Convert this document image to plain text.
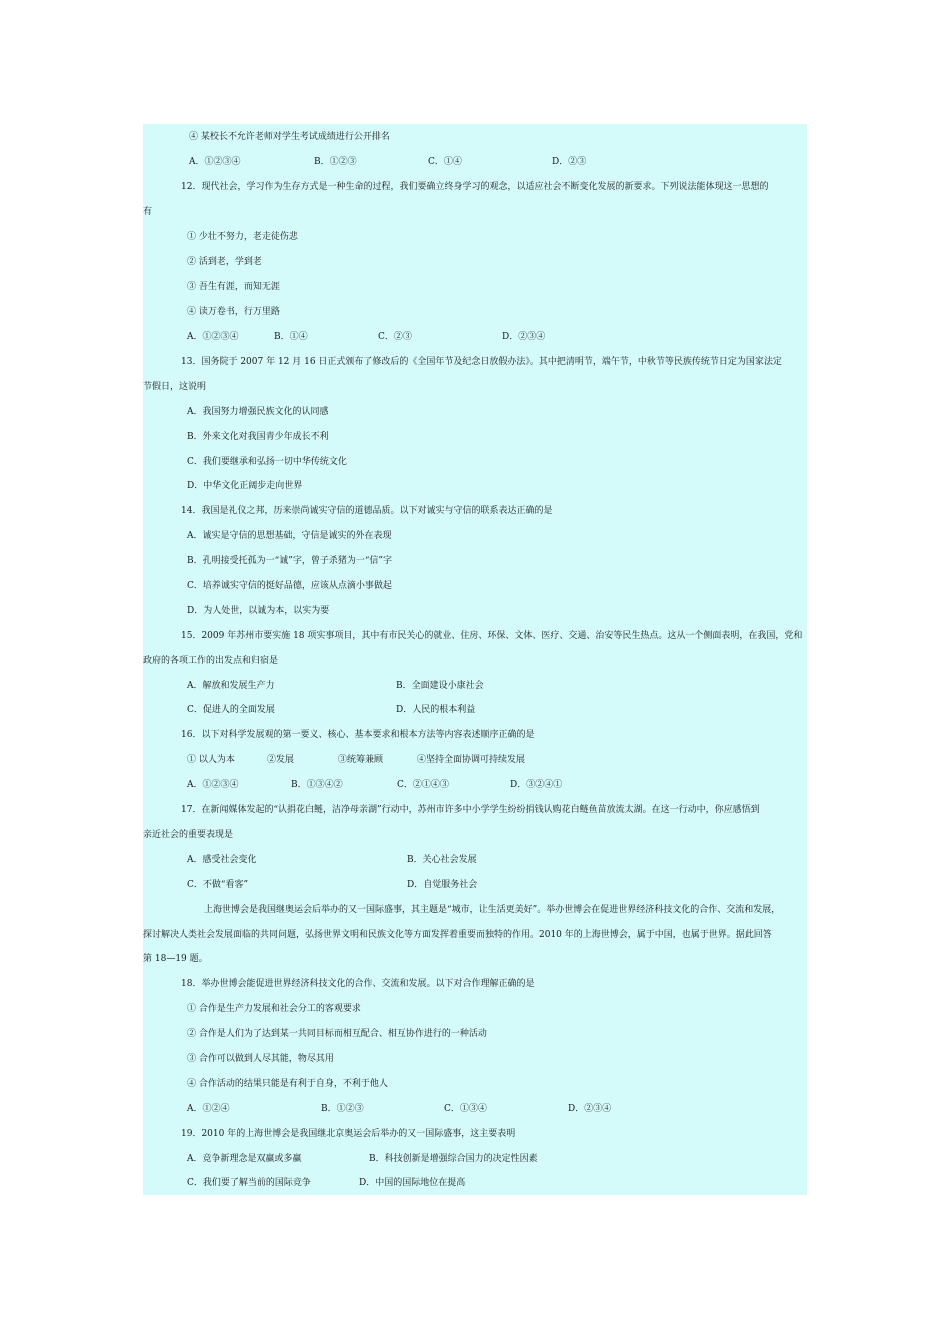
④ 某校长不允许老师对学生考试成绩进行公开排名
A．①②③④	B．①②③	C．①④	D．②③
12．现代社会，学习作为生存方式是一种生命的过程，我们要确立终身学习的观念，以适应社会不断变化发展的新要求。下列说法能体现这一思想的
有
① 少壮不努力，老走徒伤悲
② 活到老，学到老
③ 吾生有涯，而知无涯
④ 读万卷书，行万里路
A．①②③④	B．①④	C．②③	D．②③④
13．国务院于 2007 年 12 月 16 日正式颁布了修改后的《全国年节及纪念日放假办法》。其中把清明节，端午节，中秋节等民族传统节日定为国家法定
节假日，这说明
A．我国努力增强民族文化的认同感
B．外来文化对我国青少年成长不利
C．我们要继承和弘扬一切中华传统文化
D．中华文化正阔步走向世界
14．我国是礼仪之邦，历来崇尚诚实守信的道德品质。以下对诚实与守信的联系表达正确的是
A．诚实是守信的思想基础，守信是诚实的外在表现
B．孔明接受托孤为一“诚”字，曾子杀猪为一“信”字
C．培养诚实守信的挺好品德，应该从点滴小事做起
D．为人处世，以诚为本，以实为要
15．2009 年苏州市要实施 18 项实事项目，其中有市民关心的就业、住房、环保、文体、医疗、交通、治安等民生热点。这从一个侧面表明，在我国，党和
政府的各项工作的出发点和归宿是
A．解放和发展生产力	B．全面建设小康社会
C．促进人的全面发展	D．人民的根本利益
16．以下对科学发展观的第一要义、核心、基本要求和根本方法等内容表述顺序正确的是
① 以人为本	②发展	③统筹兼顾	④坚持全面协调可持续发展
A．①②③④	B．①③④②	C．②①④③	D．③②④①
17．在新闻媒体发起的“认捐花白鲢，洁净母亲湖”行动中，苏州市许多中小学学生纷纷捐钱认购花白鲢鱼苗放流太湖。在这一行动中，你应感悟到
亲近社会的重要表现是
A．感受社会变化	B．关心社会发展
C．不做“看客”	D．自觉服务社会
上海世博会是我国继奥运会后举办的又一国际盛事，其主题是“城市，让生活更美好”。举办世博会在促进世界经济科技文化的合作、交流和发展，
探讨解决人类社会发展面临的共同问题，弘扬世界文明和民族文化等方面发挥着重要而独特的作用。2010 年的上海世博会，属于中国，也属于世界。据此回答
第 18—19 题。
18．举办世博会能促进世界经济科技文化的合作、交流和发展。以下对合作理解正确的是
① 合作是生产力发展和社会分工的客观要求
② 合作是人们为了达到某一共同目标而相互配合、相互协作进行的一种活动
③ 合作可以做到人尽其能，物尽其用
④ 合作活动的结果只能是有利于自身，不利于他人
A．①②④	B．①②③	C．①③④	D．②③④
19．2010 年的上海世博会是我国继北京奥运会后举办的又一国际盛事，这主要表明
A．竞争新理念是双赢或多赢	B．科技创新是增强综合国力的决定性因素
C．我们要了解当前的国际竞争	D．中国的国际地位在提高
